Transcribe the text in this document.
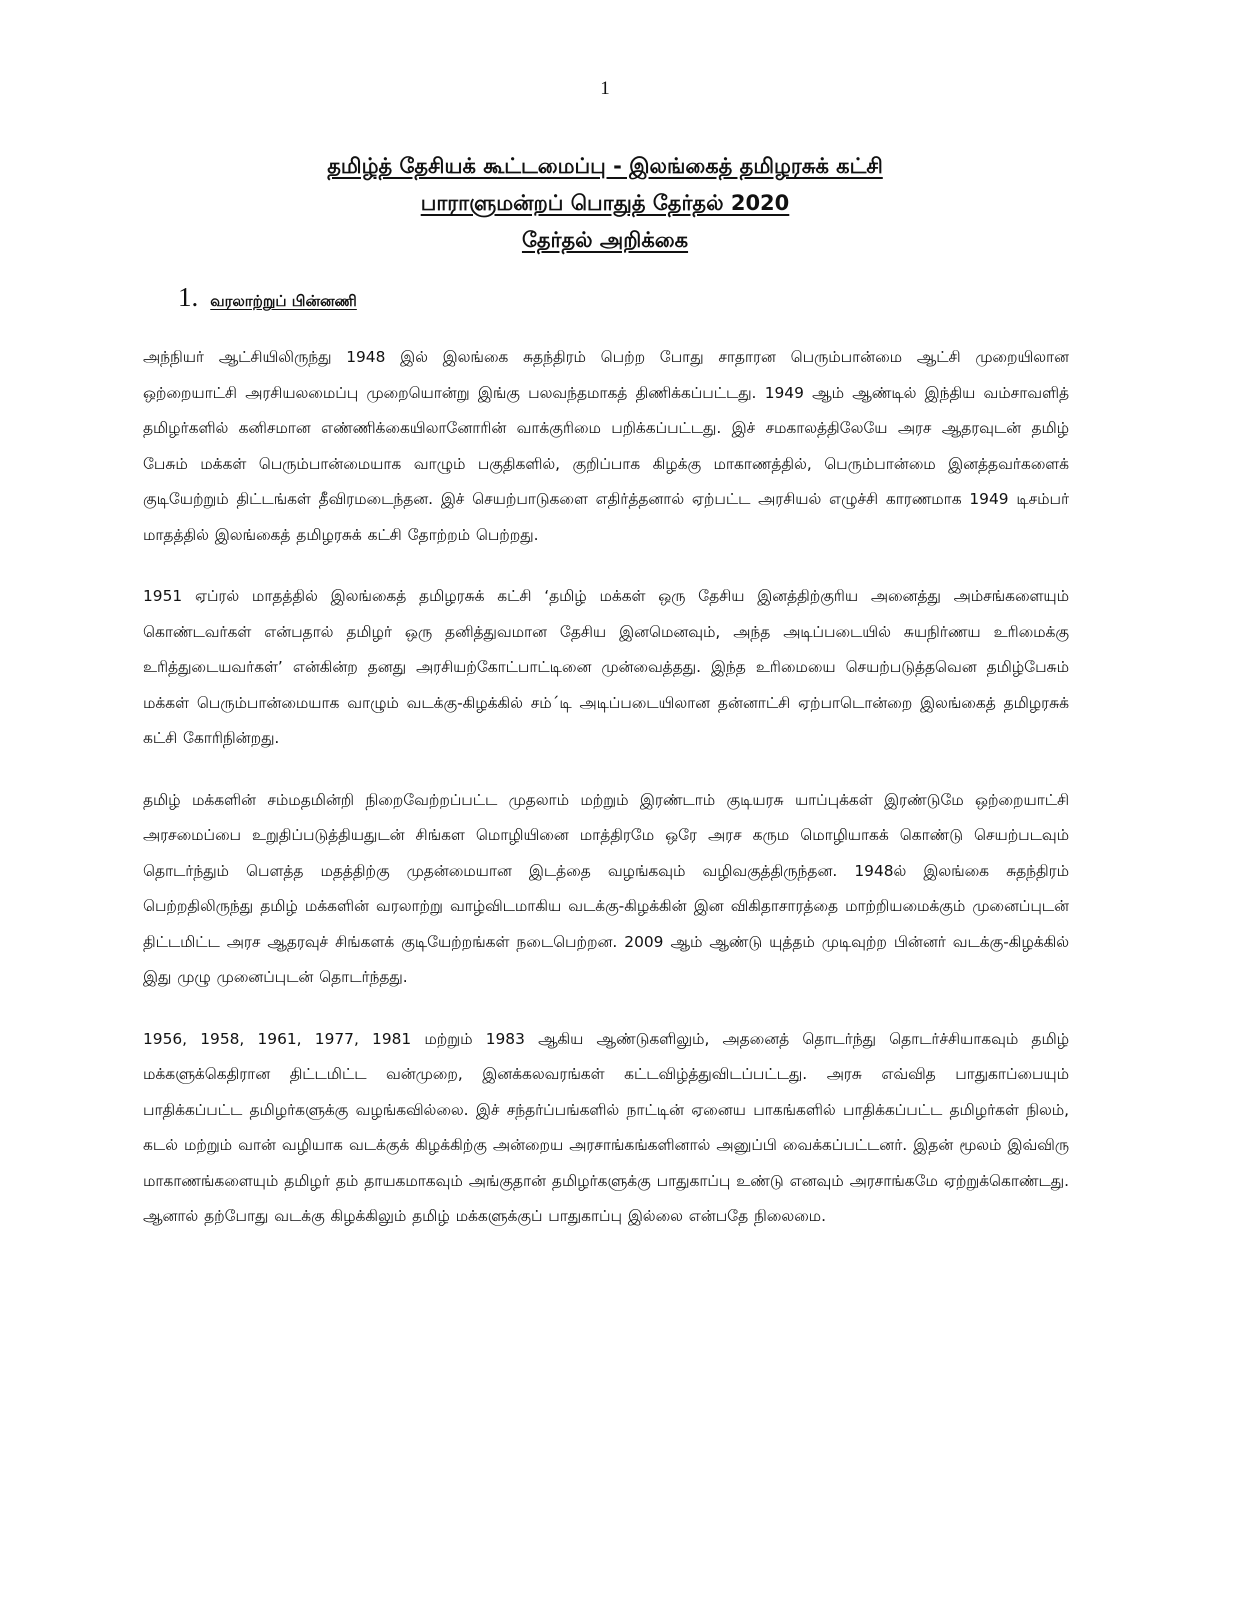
1
தமிழ்த் தேசியக் கூட்டமைப்பு - இலங்கைத் தமிழரசுக் கட்சி
பாராளுமன்றப் பொதுத் தேர்தல் 2020
தேர்தல் அறிக்கை
1. வரலாற்றுப் பின்னணி

அந்நியர் ஆட்சியிலிருந்து 1948 இல் இலங்கை சுதந்திரம் பெற்ற போது சாதாரன பெரும்பான்மை ஆட்சி முறையிலான ஒற்றையாட்சி அரசியலமைப்பு முறையொன்று இங்கு பலவந்தமாகத் திணிக்கப்பட்டது. 1949 ஆம் ஆண்டில் இந்திய வம்சாவளித் தமிழர்களில் கனிசமான எண்ணிக்கையிலானோரின் வாக்குரிமை பறிக்கப்பட்டது. இச் சமகாலத்திலேயே அரச ஆதரவுடன் தமிழ் பேசும் மக்கள் பெரும்பான்மையாக வாழும் பகுதிகளில், குறிப்பாக கிழக்கு மாகாணத்தில், பெரும்பான்மை இனத்தவர்களைக் குடியேற்றும் திட்டங்கள் தீவிரமடைந்தன. இச் செயற்பாடுகளை எதிர்த்தனால் ஏற்பட்ட அரசியல் எழுச்சி காரணமாக 1949 டிசம்பர் மாதத்தில் இலங்கைத் தமிழரசுக் கட்சி தோற்றம் பெற்றது.

1951 ஏப்ரல் மாதத்தில் இலங்கைத் தமிழரசுக் கட்சி ‘தமிழ் மக்கள் ஒரு தேசிய இனத்திற்குரிய அனைத்து அம்சங்களையும் கொண்டவர்கள் என்பதால் தமிழர் ஒரு தனித்துவமான தேசிய இனமெனவும், அந்த அடிப்படையில் சுயநிர்ணய உரிமைக்கு உரித்துடையவர்கள்’ என்கின்ற தனது அரசியற்கோட்பாட்டினை முன்வைத்தது. இந்த உரிமையை செயற்படுத்தவென தமிழ்பேசும் மக்கள் பெரும்பான்மையாக வாழும் வடக்கு-கிழக்கில் சம்´டி அடிப்படையிலான தன்னாட்சி ஏற்பாடொன்றை இலங்கைத் தமிழரசுக் கட்சி கோரிநின்றது.

தமிழ் மக்களின் சம்மதமின்றி நிறைவேற்றப்பட்ட முதலாம் மற்றும் இரண்டாம் குடியரசு யாப்புக்கள் இரண்டுமே ஒற்றையாட்சி அரசமைப்பை உறுதிப்படுத்தியதுடன் சிங்கள மொழியினை மாத்திரமே ஒரே அரச கரும மொழியாகக் கொண்டு செயற்படவும் தொடர்ந்தும் பௌத்த மதத்திற்கு முதன்மையான இடத்தை வழங்கவும் வழிவகுத்திருந்தன. 1948ல் இலங்கை சுதந்திரம் பெற்றதிலிருந்து தமிழ் மக்களின் வரலாற்று வாழ்விடமாகிய வடக்கு-கிழக்கின் இன விகிதாசாரத்தை மாற்றியமைக்கும் முனைப்புடன் திட்டமிட்ட அரச ஆதரவுச் சிங்களக் குடியேற்றங்கள் நடைபெற்றன. 2009 ஆம் ஆண்டு யுத்தம் முடிவுற்ற பின்னர் வடக்கு-கிழக்கில் இது முழு முனைப்புடன் தொடர்ந்தது.

1956, 1958, 1961, 1977, 1981 மற்றும் 1983 ஆகிய ஆண்டுகளிலும், அதனைத் தொடர்ந்து தொடர்ச்சியாகவும் தமிழ் மக்களுக்கெதிரான திட்டமிட்ட வன்முறை, இனக்கலவரங்கள் கட்டவிழ்த்துவிடப்பட்டது. அரசு எவ்வித பாதுகாப்பையும் பாதிக்கப்பட்ட தமிழர்களுக்கு வழங்கவில்லை. இச் சந்தர்ப்பங்களில் நாட்டின் ஏனைய பாகங்களில் பாதிக்கப்பட்ட தமிழர்கள் நிலம், கடல் மற்றும் வான் வழியாக வடக்குக் கிழக்கிற்கு அன்றைய அரசாங்கங்களினால் அனுப்பி வைக்கப்பட்டனர். இதன் மூலம் இவ்விரு மாகாணங்களையும் தமிழர் தம் தாயகமாகவும் அங்குதான் தமிழர்களுக்கு பாதுகாப்பு உண்டு எனவும் அரசாங்கமே ஏற்றுக்கொண்டது. ஆனால் தற்போது வடக்கு கிழக்கிலும் தமிழ் மக்களுக்குப் பாதுகாப்பு இல்லை என்பதே நிலைமை.
